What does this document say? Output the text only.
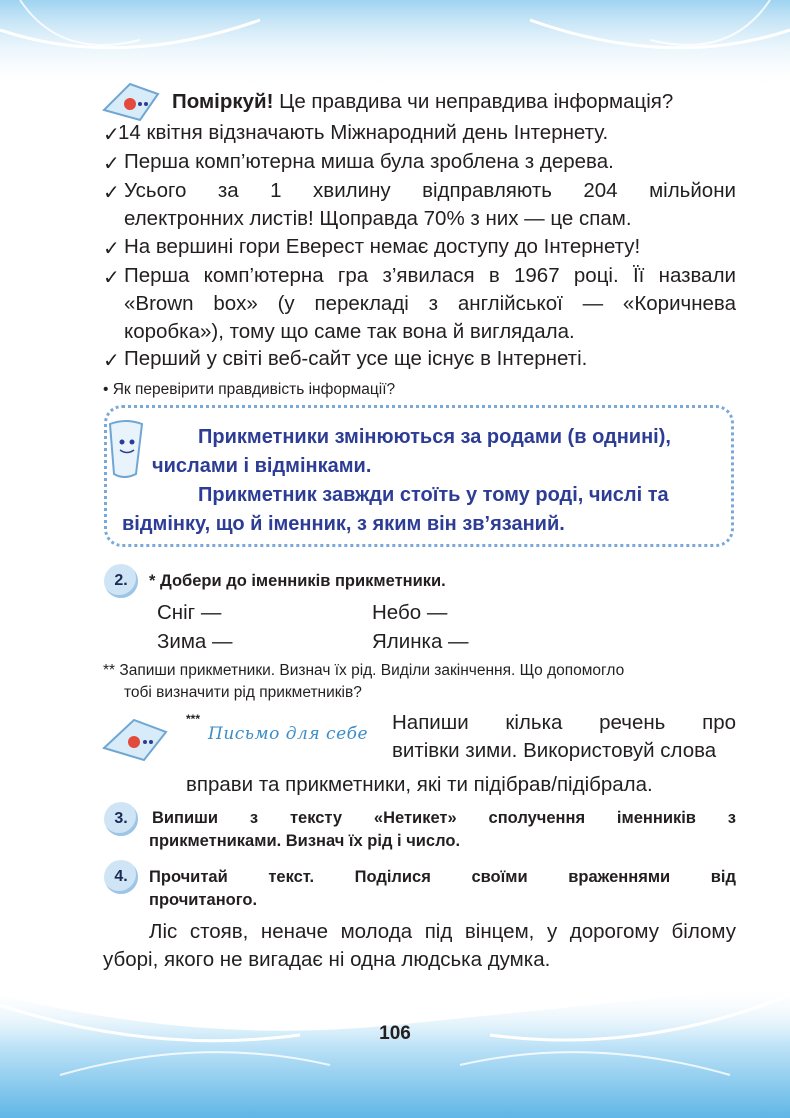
Поміркуй! Це правдива чи неправдива інформація?
✓
14 квітня відзначають Міжнародний день Інтернету.
✓ Перша комп’ютерна миша була зроблена з дерева.
✓ Усього за 1 хвилину відправляють 204 мільйони
електронних листів! Щоправда 70% з них — це спам.
✓ На вершині гори Еверест немає доступу до Інтернету!
✓ Перша комп’ютерна гра з’явилася в 1967 році. Її назвали
«Brown box» (у перекладі з англійської — «Коричнева
коробка»), тому що саме так вона й виглядала.
✓ Перший у світі веб-сайт усе ще існує в Інтернеті.
• Як перевірити правдивість інформації?
Прикметники змінюються за родами (в однині),
числами і відмінками.
Прикметник завжди стоїть у тому роді, числі та
відмінку, що й іменник, з яким він зв’язаний.
2.	* Добери до іменників прикметники.
Сніг —	Небо —
Зима —	Ялинка —
** Запиши прикметники. Визнач їх рід. Виділи закінчення. Що допомогло
тобі визначити рід прикметників?
***
Письмо для себе Напиши кілька речень про
витівки зими. Використовуй слова
вправи та прикметники, які ти підібрав/підібрала.
3.	Випиши з тексту «Нетикет» сполучення іменників з
прикметниками. Визнач їх рід і число.
4.	Прочитай текст. Поділися своїми враженнями від
прочитаного.
Ліс стояв, неначе молода під вінцем, у дорогому білому
уборі, якого не вигадає ні одна людська думка.
106
